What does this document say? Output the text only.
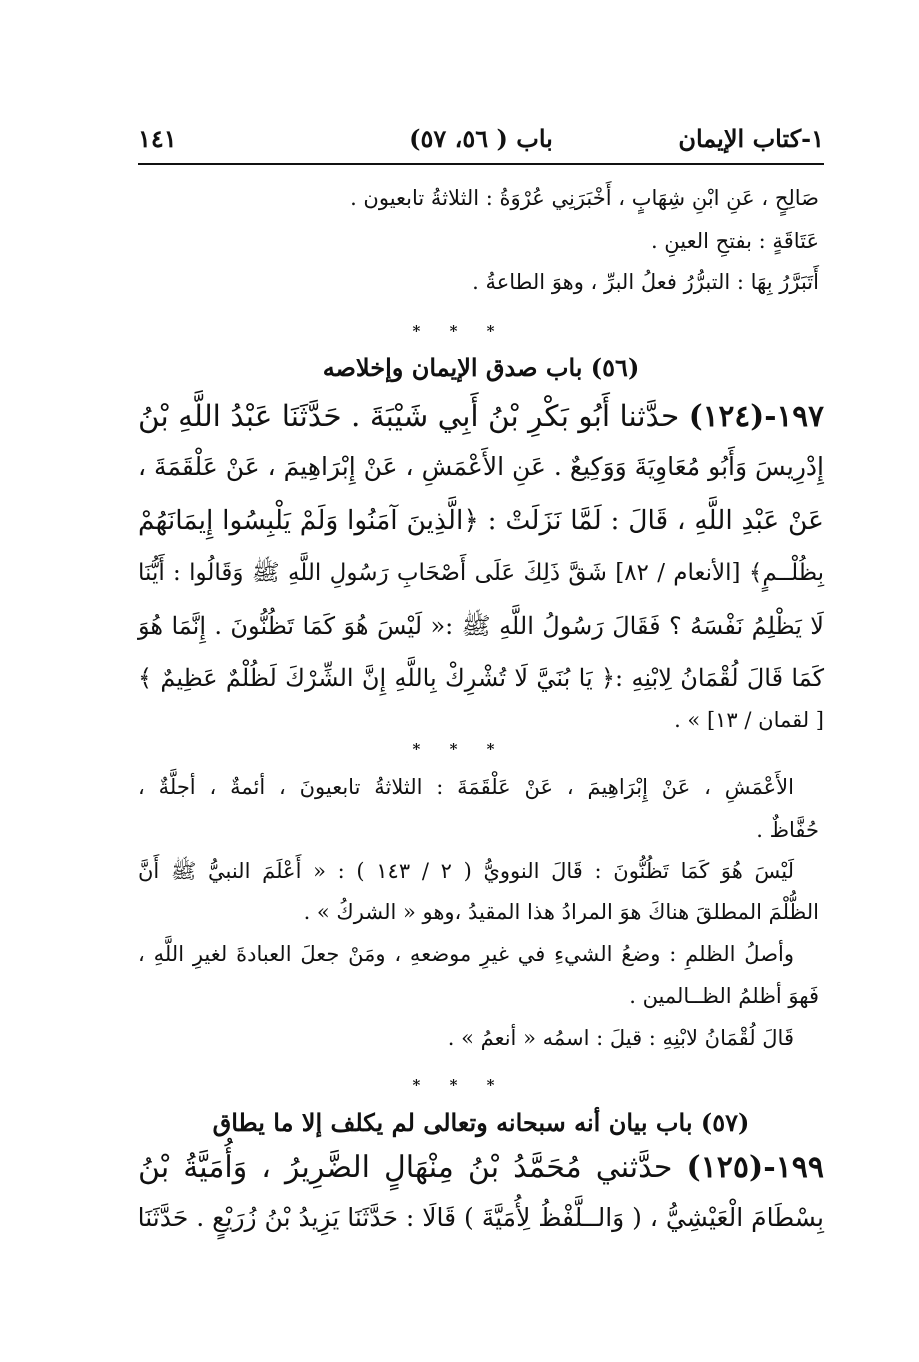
١-كتاب الإيمان
باب ( ٥٦، ٥٧)
١٤١
صَالِحٍ ، عَنِ ابْنِ شِهَابٍ ، أَخْبَرَنِي عُرْوَةُ : الثلاثةُ تابعيون .
عَتَاقَةٍ : بفتحِ العينِ .
أَتَبَرَّرُ بِهَا : التبرُّرُ فعلُ البرِّ ، وهوَ الطاعةُ .
* * *
(٥٦) باب صدق الإيمان وإخلاصه
١٩٧-(١٢٤) حدَّثنا أَبُو بَكْرِ بْنُ أَبِي شَيْبَةَ . حَدَّثَنَا عَبْدُ اللَّهِ بْنُ
إِدْرِيسَ وَأَبُو مُعَاوِيَةَ وَوَكِيعٌ . عَنِ الأَعْمَشِ ، عَنْ إِبْرَاهِيمَ ، عَنْ عَلْقَمَةَ ،
عَنْ عَبْدِ اللَّهِ ، قَالَ : لَمَّا نَزَلَتْ : ﴿الَّذِينَ آمَنُوا وَلَمْ يَلْبِسُوا إِيمَانَهُمْ
بِظُلْــمٍ﴾ [الأنعام / ٨٢] شَقَّ ذَلِكَ عَلَى أَصْحَابِ رَسُولِ اللَّهِ ﷺ وَقَالُوا : أَيُّنَا
لَا يَظْلِمُ نَفْسَهُ ؟ فَقَالَ رَسُولُ اللَّهِ ﷺ :« لَيْسَ هُوَ كَمَا تَظُنُّونَ . إِنَّمَا هُوَ
كَمَا قَالَ لُقْمَانُ لِابْنِهِ :﴿ يَا بُنَيَّ لَا تُشْرِكْ بِاللَّهِ إِنَّ الشِّرْكَ لَظُلْمٌ عَظِيمٌ ﴾
[ لقمان / ١٣] » .
* * *
الأَعْمَشِ ، عَنْ إِبْرَاهِيمَ ، عَنْ عَلْقَمَةَ : الثلاثةُ تابعيونَ ، أئمةٌ ، أجلَّةٌ ،
حُفَّاظٌ .
لَيْسَ هُوَ كَمَا تَظُنُّونَ : قَالَ النوويُّ ( ٢ / ١٤٣ ) : « أَعْلَمَ النبيُّ ﷺ أَنَّ
الظُّلْمَ المطلقَ هناكَ هوَ المرادُ هذا المقيدُ ،وهو « الشركُ » .
وأصلُ الظلمِ : وضعُ الشيءِ في غيرِ موضعهِ ، ومَنْ جعلَ العبادةَ لغيرِ اللَّهِ ،
فَهوَ أظلمُ الظــالمين .
قَالَ لُقْمَانُ لابْنِهِ : قيلَ : اسمُه « أنعمُ » .
* * *
(٥٧) باب بيان أنه سبحانه وتعالى لم يكلف إلا ما يطاق
١٩٩-(١٢٥) حدَّثني مُحَمَّدُ بْنُ مِنْهَالٍ الضَّرِيرُ ، وَأُمَيَّةُ بْنُ
بِسْطَامَ الْعَيْشِيُّ ، ( وَالــلَّفْظُ لِأُمَيَّةَ ) قَالَا : حَدَّثَنَا يَزِيدُ بْنُ زُرَيْعٍ . حَدَّثَنَا
